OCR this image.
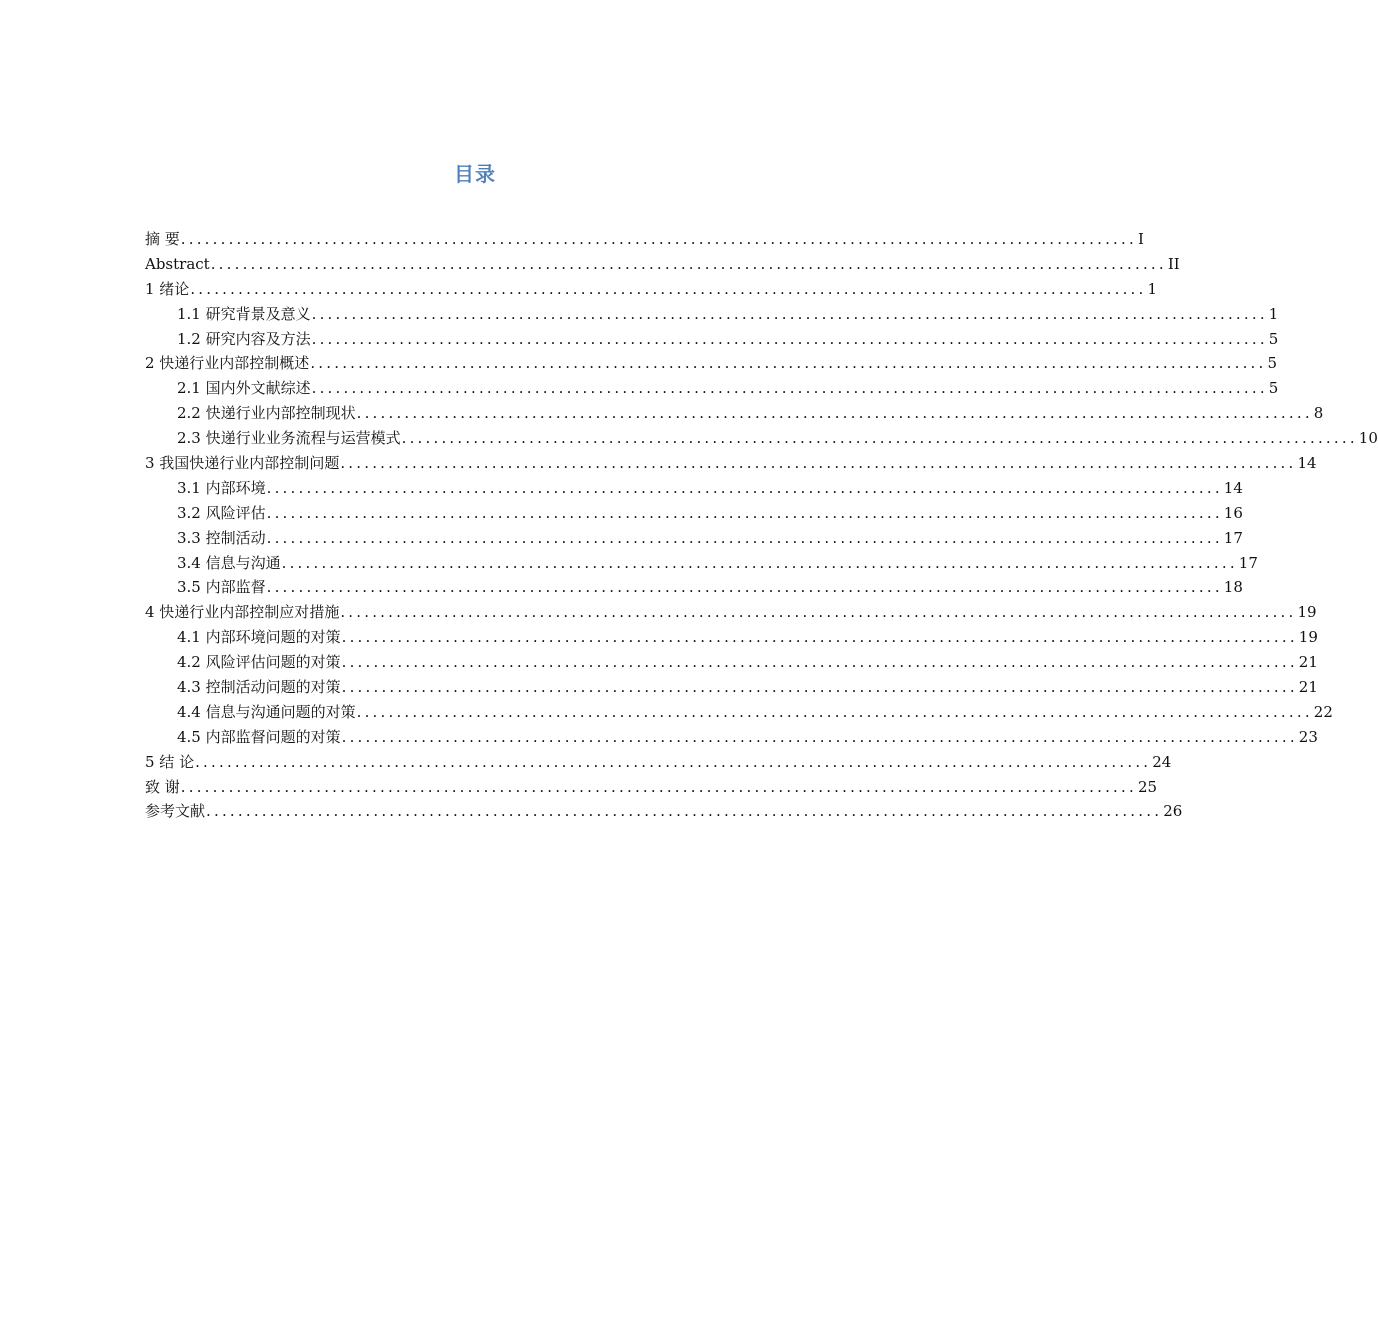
目录
摘 要 ........................................................................................................................ I
Abstract ........................................................................................................................ II
1 绪论 ........................................................................................................................ 1
1.1 研究背景及意义 ........................................................................................................................ 1
1.2 研究内容及方法 ........................................................................................................................ 5
2 快递行业内部控制概述 ........................................................................................................................ 5
2.1 国内外文献综述 ........................................................................................................................ 5
2.2 快递行业内部控制现状 ........................................................................................................................ 8
2.3 快递行业业务流程与运营模式 ........................................................................................................................ 10
3 我国快递行业内部控制问题 ........................................................................................................................ 14
3.1 内部环境 ........................................................................................................................ 14
3.2 风险评估 ........................................................................................................................ 16
3.3 控制活动 ........................................................................................................................ 17
3.4 信息与沟通 ........................................................................................................................ 17
3.5 内部监督 ........................................................................................................................ 18
4 快递行业内部控制应对措施 ........................................................................................................................ 19
4.1 内部环境问题的对策 ........................................................................................................................ 19
4.2 风险评估问题的对策 ........................................................................................................................ 21
4.3 控制活动问题的对策 ........................................................................................................................ 21
4.4 信息与沟通问题的对策 ........................................................................................................................ 22
4.5 内部监督问题的对策 ........................................................................................................................ 23
5 结 论 ........................................................................................................................ 24
致 谢 ........................................................................................................................ 25
参考文献 ........................................................................................................................ 26
